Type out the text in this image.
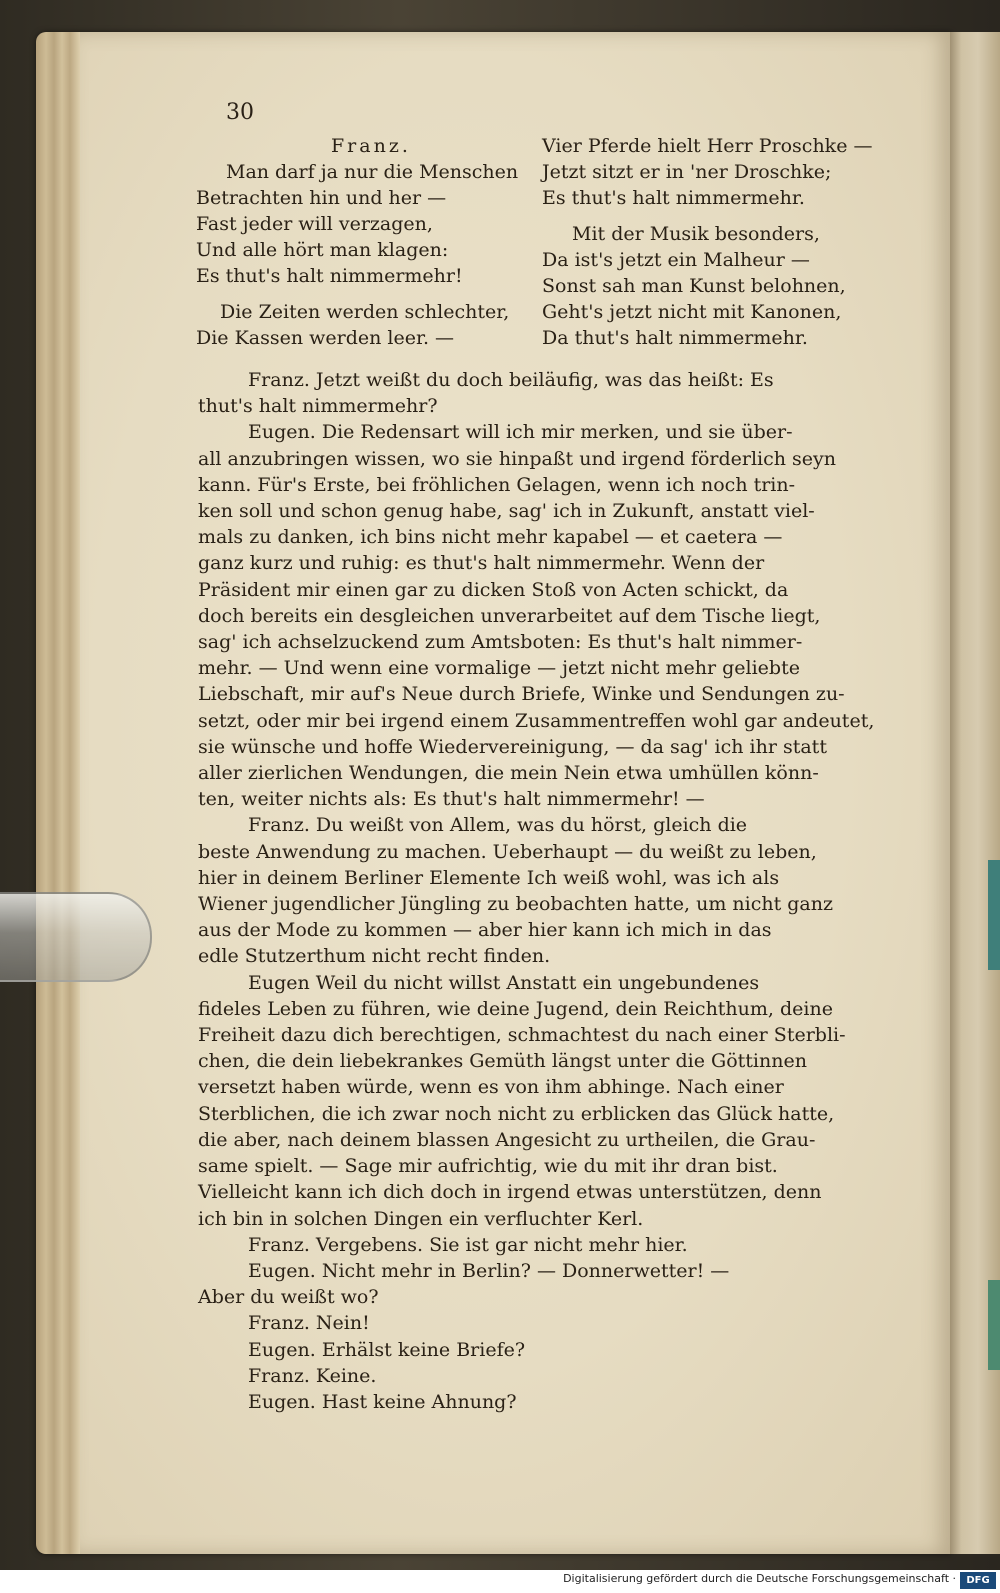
30
Franz.
Man darf ja nur die Menschen
Betrachten hin und her —
Fast jeder will verzagen,
Und alle hört man klagen:
Es thut's halt nimmermehr!
Die Zeiten werden schlechter,
Die Kassen werden leer. —
Vier Pferde hielt Herr Proschke —
Jetzt sitzt er in 'ner Droschke;
Es thut's halt nimmermehr.
Mit der Musik besonders,
Da ist's jetzt ein Malheur —
Sonst sah man Kunst belohnen,
Geht's jetzt nicht mit Kanonen,
Da thut's halt nimmermehr.
Franz. Jetzt weißt du doch beiläufig, was das heißt: Es
thut's halt nimmermehr?
Eugen. Die Redensart will ich mir merken, und sie über-
all anzubringen wissen, wo sie hinpaßt und irgend förderlich seyn
kann. Für's Erste, bei fröhlichen Gelagen, wenn ich noch trin-
ken soll und schon genug habe, sag' ich in Zukunft, anstatt viel-
mals zu danken, ich bins nicht mehr kapabel — et caetera —
ganz kurz und ruhig: es thut's halt nimmermehr. Wenn der
Präsident mir einen gar zu dicken Stoß von Acten schickt, da
doch bereits ein desgleichen unverarbeitet auf dem Tische liegt,
sag' ich achselzuckend zum Amtsboten: Es thut's halt nimmer-
mehr. — Und wenn eine vormalige — jetzt nicht mehr geliebte
Liebschaft, mir auf's Neue durch Briefe, Winke und Sendungen zu-
setzt, oder mir bei irgend einem Zusammentreffen wohl gar andeutet,
sie wünsche und hoffe Wiedervereinigung, — da sag' ich ihr statt
aller zierlichen Wendungen, die mein Nein etwa umhüllen könn-
ten, weiter nichts als: Es thut's halt nimmermehr! —
Franz. Du weißt von Allem, was du hörst, gleich die
beste Anwendung zu machen. Ueberhaupt — du weißt zu leben,
hier in deinem Berliner Elemente Ich weiß wohl, was ich als
Wiener jugendlicher Jüngling zu beobachten hatte, um nicht ganz
aus der Mode zu kommen — aber hier kann ich mich in das
edle Stutzerthum nicht recht finden.
Eugen Weil du nicht willst Anstatt ein ungebundenes
fideles Leben zu führen, wie deine Jugend, dein Reichthum, deine
Freiheit dazu dich berechtigen, schmachtest du nach einer Sterbli-
chen, die dein liebekrankes Gemüth längst unter die Göttinnen
versetzt haben würde, wenn es von ihm abhinge. Nach einer
Sterblichen, die ich zwar noch nicht zu erblicken das Glück hatte,
die aber, nach deinem blassen Angesicht zu urtheilen, die Grau-
same spielt. — Sage mir aufrichtig, wie du mit ihr dran bist.
Vielleicht kann ich dich doch in irgend etwas unterstützen, denn
ich bin in solchen Dingen ein verfluchter Kerl.
Franz. Vergebens. Sie ist gar nicht mehr hier.
Eugen. Nicht mehr in Berlin? — Donnerwetter! —
Aber du weißt wo?
Franz. Nein!
Eugen. Erhälst keine Briefe?
Franz. Keine.
Eugen. Hast keine Ahnung?
Digitalisierung gefördert durch die Deutsche Forschungsgemeinschaft ·	DFG
